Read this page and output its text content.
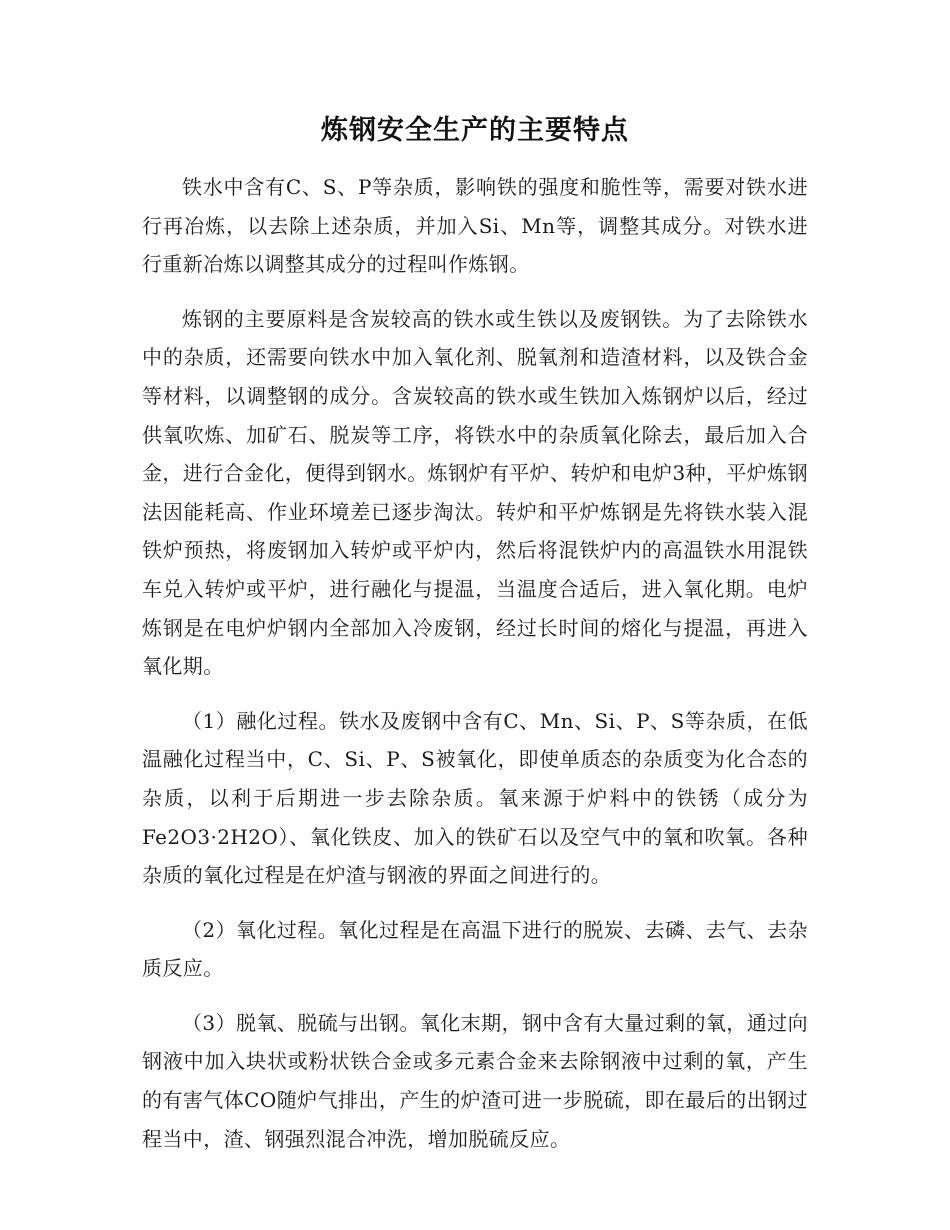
炼钢安全生产的主要特点

铁水中含有C、S、P等杂质，影响铁的强度和脆性等，需要对铁水进行再冶炼，以去除上述杂质，并加入Si、Mn等，调整其成分。对铁水进行重新冶炼以调整其成分的过程叫作炼钢。

炼钢的主要原料是含炭较高的铁水或生铁以及废钢铁。为了去除铁水中的杂质，还需要向铁水中加入氧化剂、脱氧剂和造渣材料，以及铁合金等材料，以调整钢的成分。含炭较高的铁水或生铁加入炼钢炉以后，经过供氧吹炼、加矿石、脱炭等工序，将铁水中的杂质氧化除去，最后加入合金，进行合金化，便得到钢水。炼钢炉有平炉、转炉和电炉3种，平炉炼钢法因能耗高、作业环境差已逐步淘汰。转炉和平炉炼钢是先将铁水装入混铁炉预热，将废钢加入转炉或平炉内，然后将混铁炉内的高温铁水用混铁车兑入转炉或平炉，进行融化与提温，当温度合适后，进入氧化期。电炉炼钢是在电炉炉钢内全部加入冷废钢，经过长时间的熔化与提温，再进入氧化期。

（1）融化过程。铁水及废钢中含有C、Mn、Si、P、S等杂质，在低温融化过程当中，C、Si、P、S被氧化，即使单质态的杂质变为化合态的杂质，以利于后期进一步去除杂质。氧来源于炉料中的铁锈（成分为Fe2O3·2H2O）、氧化铁皮、加入的铁矿石以及空气中的氧和吹氧。各种杂质的氧化过程是在炉渣与钢液的界面之间进行的。

（2）氧化过程。氧化过程是在高温下进行的脱炭、去磷、去气、去杂质反应。

（3）脱氧、脱硫与出钢。氧化末期，钢中含有大量过剩的氧，通过向钢液中加入块状或粉状铁合金或多元素合金来去除钢液中过剩的氧，产生的有害气体CO随炉气排出，产生的炉渣可进一步脱硫，即在最后的出钢过程当中，渣、钢强烈混合冲洗，增加脱硫反应。
